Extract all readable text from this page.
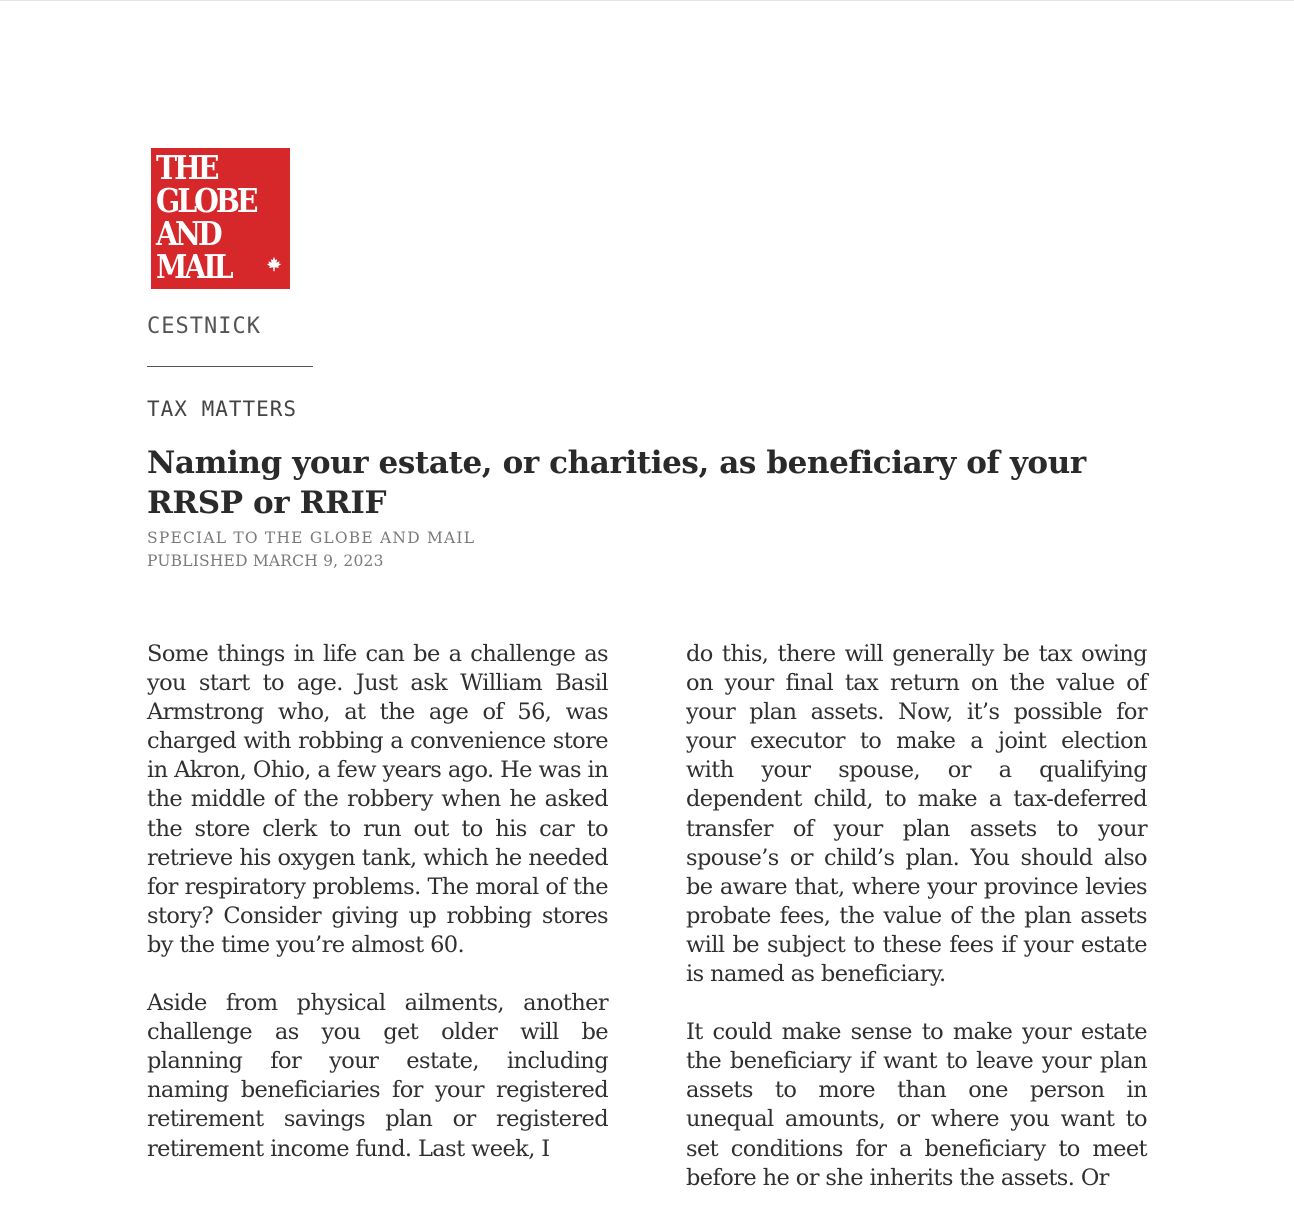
THE
GLOBE
AND
MAIL
CESTNICK
TAX MATTERS
Naming your estate, or charities, as beneficiary of your RRSP or RRIF
SPECIAL TO THE GLOBE AND MAIL
PUBLISHED MARCH 9, 2023

Some things in life can be a challenge as you start to age. Just ask William Basil Armstrong who, at the age of 56, was charged with robbing a convenience store in Akron, Ohio, a few years ago. He was in the middle of the robbery when he asked the store clerk to run out to his car to retrieve his oxygen tank, which he needed for respiratory problems. The moral of the story? Consider giving up robbing stores by the time you’re almost 60.

Aside from physical ailments, another challenge as you get older will be planning for your estate, including naming beneficiaries for your registered retirement savings plan or registered retirement income fund. Last week, I

do this, there will generally be tax owing on your final tax return on the value of your plan assets. Now, it’s possible for your executor to make a joint election with your spouse, or a qualifying dependent child, to make a tax-deferred transfer of your plan assets to your spouse’s or child’s plan. You should also be aware that, where your province levies probate fees, the value of the plan assets will be subject to these fees if your estate is named as beneficiary.

It could make sense to make your estate the beneficiary if want to leave your plan assets to more than one person in unequal amounts, or where you want to set conditions for a beneficiary to meet before he or she inherits the assets. Or
